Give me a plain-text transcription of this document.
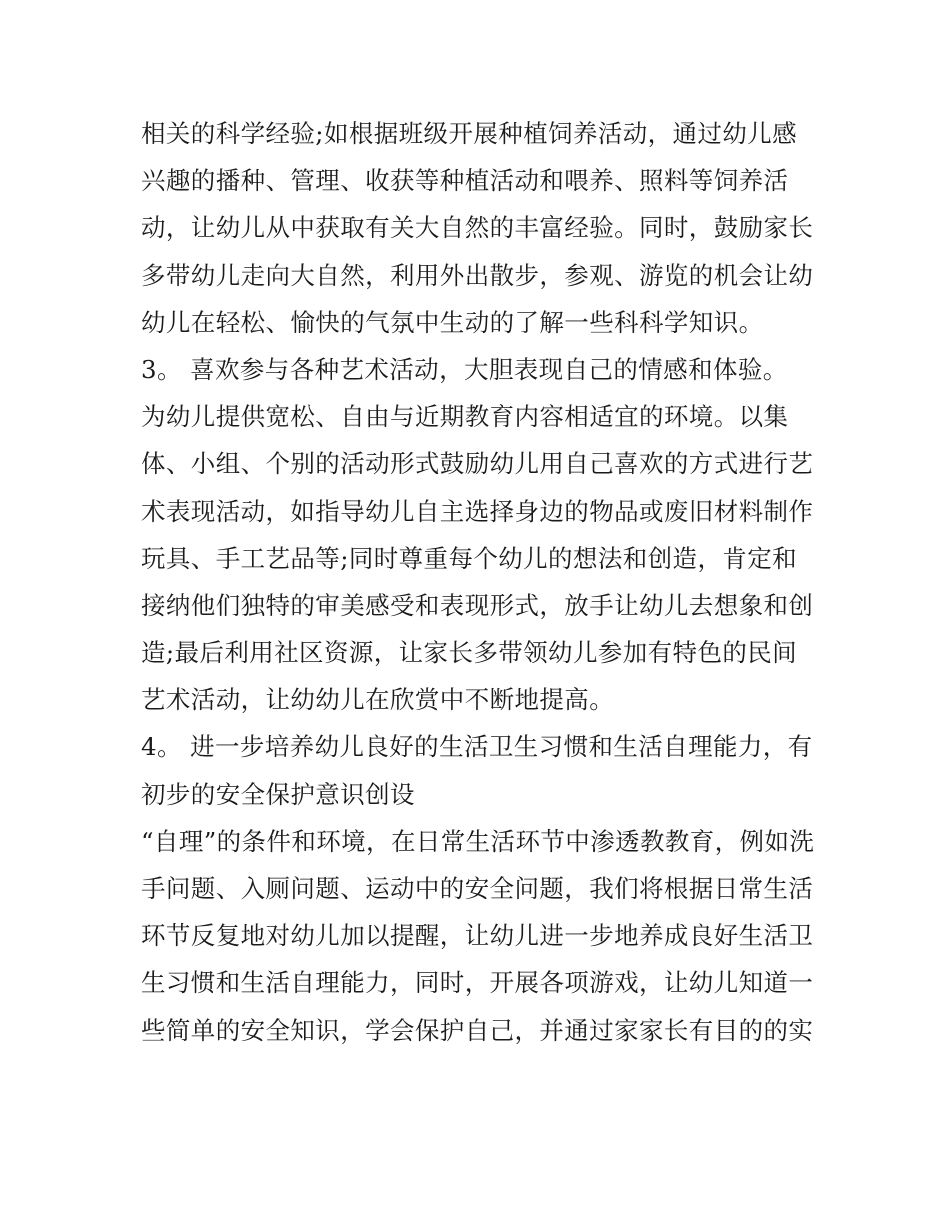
相关的科学经验;如根据班级开展种植饲养活动，通过幼儿感
兴趣的播种、管理、收获等种植活动和喂养、照料等饲养活
动，让幼儿从中获取有关大自然的丰富经验。同时，鼓励家长
多带幼儿走向大自然，利用外出散步，参观、游览的机会让幼
幼儿在轻松、愉快的气氛中生动的了解一些科科学知识。
3。 喜欢参与各种艺术活动，大胆表现自己的情感和体验。
为幼儿提供宽松、自由与近期教育内容相适宜的环境。以集
体、小组、个别的活动形式鼓励幼儿用自己喜欢的方式进行艺
术表现活动，如指导幼儿自主选择身边的物品或废旧材料制作
玩具、手工艺品等;同时尊重每个幼儿的想法和创造，肯定和
接纳他们独特的审美感受和表现形式，放手让幼儿去想象和创
造;最后利用社区资源，让家长多带领幼儿参加有特色的民间
艺术活动，让幼幼儿在欣赏中不断地提高。
4。 进一步培养幼儿良好的生活卫生习惯和生活自理能力，有
初步的安全保护意识创设
“自理”的条件和环境，在日常生活环节中渗透教教育，例如洗
手问题、入厕问题、运动中的安全问题，我们将根据日常生活
环节反复地对幼儿加以提醒，让幼儿进一步地养成良好生活卫
生习惯和生活自理能力，同时，开展各项游戏，让幼儿知道一
些简单的安全知识，学会保护自己，并通过家家长有目的的实
